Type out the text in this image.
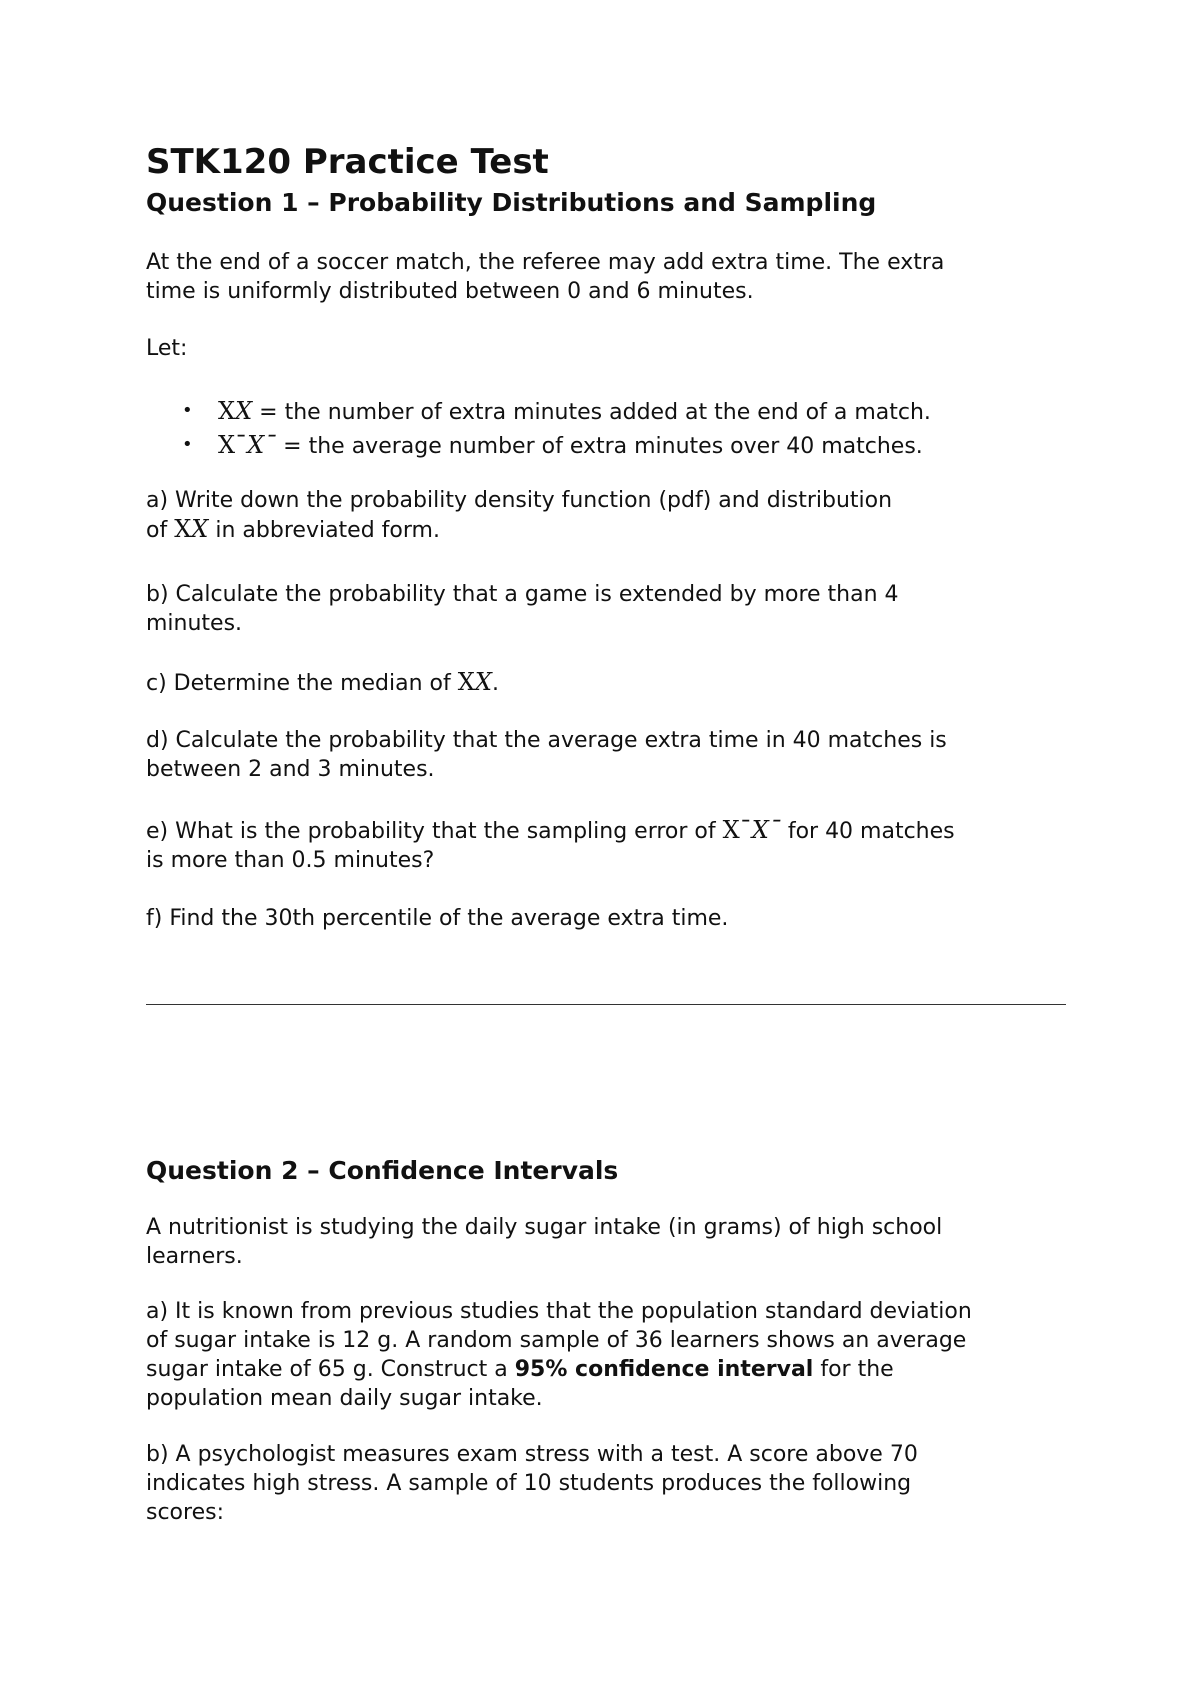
STK120 Practice Test
Question 1 – Probability Distributions and Sampling

At the end of a soccer match, the referee may add extra time. The extra
time is uniformly distributed between 0 and 6 minutes.

Let:

• XX = the number of extra minutes added at the end of a match.
• X¯X¯ = the average number of extra minutes over 40 matches.

a) Write down the probability density function (pdf) and distribution
of XX in abbreviated form.

b) Calculate the probability that a game is extended by more than 4
minutes.

c) Determine the median of XX.

d) Calculate the probability that the average extra time in 40 matches is
between 2 and 3 minutes.

e) What is the probability that the sampling error of X¯X¯ for 40 matches
is more than 0.5 minutes?

f) Find the 30th percentile of the average extra time.

Question 2 – Confidence Intervals

A nutritionist is studying the daily sugar intake (in grams) of high school
learners.

a) It is known from previous studies that the population standard deviation
of sugar intake is 12 g. A random sample of 36 learners shows an average
sugar intake of 65 g. Construct a 95% confidence interval for the
population mean daily sugar intake.

b) A psychologist measures exam stress with a test. A score above 70
indicates high stress. A sample of 10 students produces the following
scores:
